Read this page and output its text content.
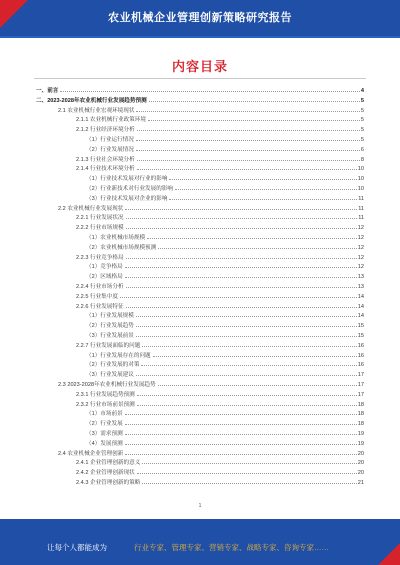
农业机械企业管理创新策略研究报告
内容目录
一、前言	4
二、2023-2028年农业机械行业发展趋势预测	5
2.1 农业机械行业宏观环境现状	5
2.1.1 农业机械行业政策环境	5
2.1.2 行业经济环境分析	5
（1）行业运行情况	5
（2）行业发展情况	6
2.1.3 行业社会环境分析	8
2.1.4 行业技术环境分析	10
（1）行业技术发展对行业的影响	10
（2）行业新技术对行业发展的影响	10
（3）行业技术发展对企业的影响	11
2.2 农业机械行业发展现状	11
2.2.1 行业发展状况	11
2.2.2 行业市场规模	12
（1）农业机械市场规模	12
（2）农业机械市场规模预测	12
2.2.3 行业竞争格局	12
（1）竞争格局	12
（2）区域格局	13
2.2.4 行业市场分析	13
2.2.5 行业集中度	14
2.2.6 行业发展特征	14
（1）行业发展规模	14
（2）行业发展趋势	15
（3）行业发展前景	15
2.2.7 行业发展面临的问题	16
（1）行业发展存在的问题	16
（2）行业发展的对策	16
（3）行业发展建议	17
2.3 2023-2028年农业机械行业发展趋势	17
2.3.1 行业发展趋势预测	17
2.3.2 行业市场前景预测	18
（1）市场前景	18
（2）行业发展	18
（3）需求预测	19
（4）发展预测	19
2.4 农业机械企业管理创新	20
2.4.1 企业管理创新的意义	20
2.4.2 企业管理创新现状	20
2.4.3 企业管理创新的策略	21
1
让每个人都能成为	行业专家、管理专家、营销专家、战略专家、咨询专家……
